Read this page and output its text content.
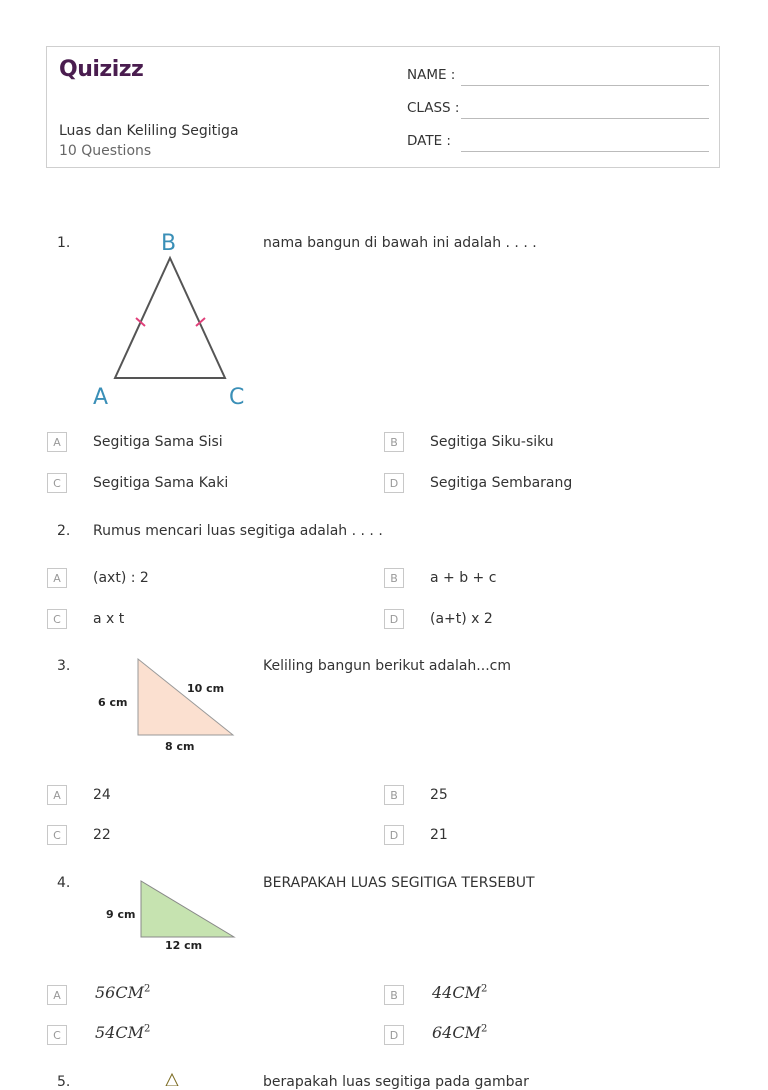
Quizizz
Luas dan Keliling Segitiga
10 Questions
NAME :
CLASS :
DATE :
1.	B
A	C
nama bangun di bawah ini adalah . . . .
A	Segitiga Sama Sisi	B	Segitiga Siku-siku
C	Segitiga Sama Kaki	D	Segitiga Sembarang
2. Rumus mencari luas segitiga adalah . . . .
A	(axt) : 2	B	a + b + c
C	a x t	D	(a+t) x 2
3.
6 cm
10 cm
8 cm
Keliling bangun berikut adalah...cm
A	24	B	25
C	22	D	21
4.
9 cm
12 cm
BERAPAKAH LUAS SEGITIGA TERSEBUT
A	$56CM^2$	B	$44CM^2$
C	$54CM^2$	D	$64CM^2$
5.	berapakah luas segitiga pada gambar
